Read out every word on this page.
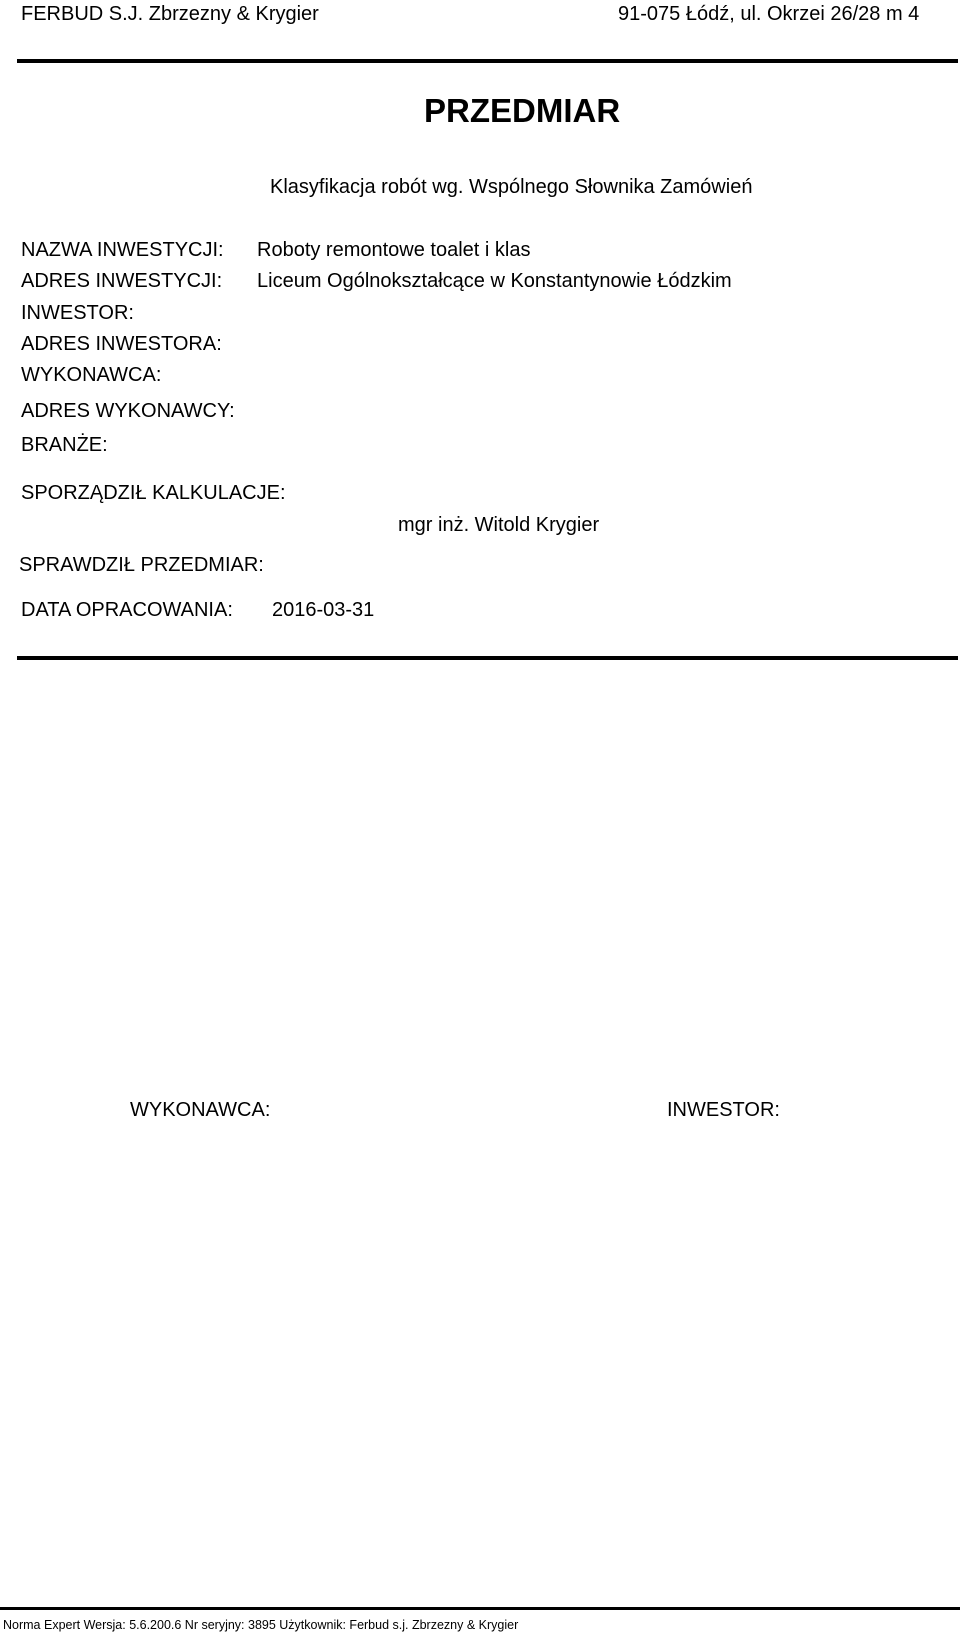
FERBUD S.J. Zbrzezny & Krygier	91-075 Łódź, ul. Okrzei 26/28 m 4
PRZEDMIAR
Klasyfikacja robót wg. Wspólnego Słownika Zamówień
NAZWA INWESTYCJI: Roboty remontowe toalet i klas
ADRES INWESTYCJI: Liceum Ogólnokształcące w Konstantynowie Łódzkim
INWESTOR:
ADRES INWESTORA:
WYKONAWCA:
ADRES WYKONAWCY:
BRANŻE:
SPORZĄDZIŁ KALKULACJE:
mgr inż. Witold Krygier
SPRAWDZIŁ PRZEDMIAR:
DATA OPRACOWANIA: 2016-03-31
WYKONAWCA:	INWESTOR:
Norma Expert Wersja: 5.6.200.6 Nr seryjny: 3895 Użytkownik: Ferbud s.j. Zbrzezny & Krygier
